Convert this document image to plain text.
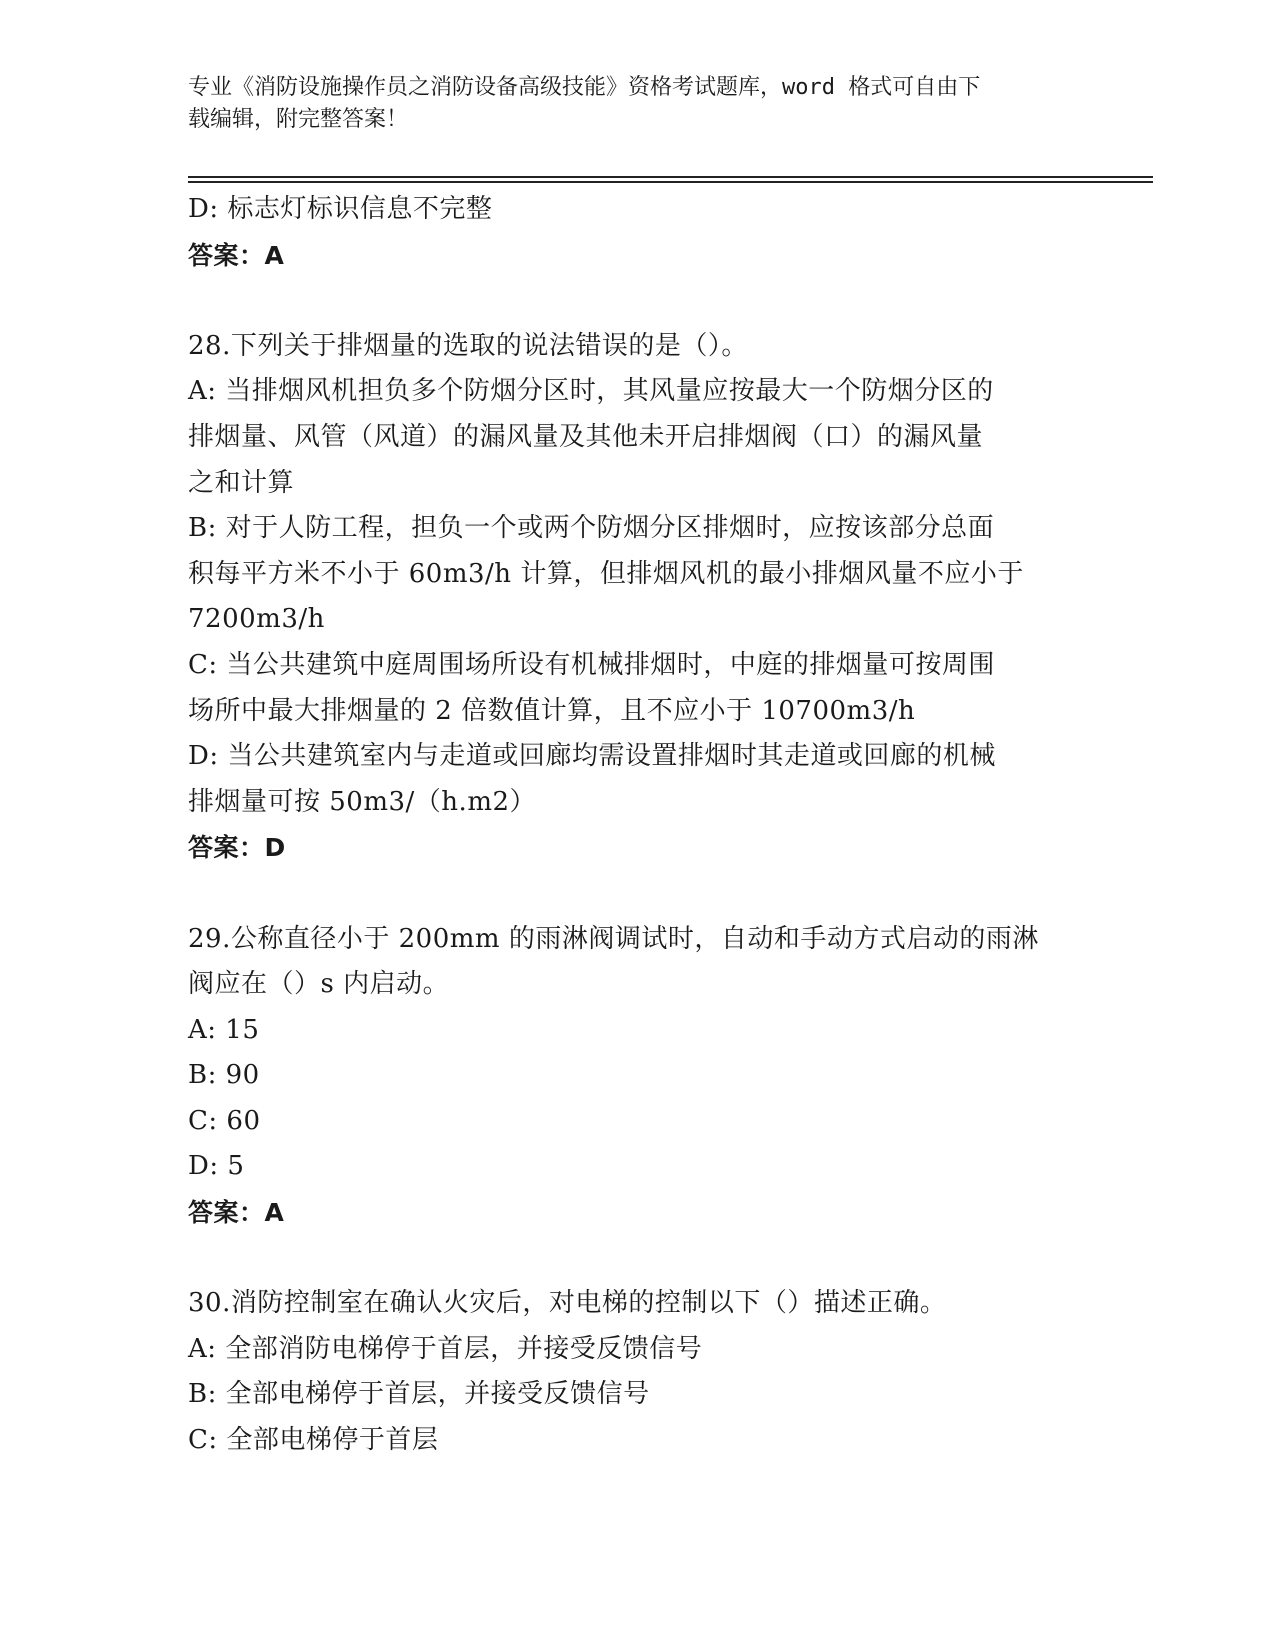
专业《消防设施操作员之消防设备高级技能》资格考试题库，word 格式可自由下
载编辑，附完整答案！
D: 标志灯标识信息不完整
答案：A
28.下列关于排烟量的选取的说法错误的是（）。
A: 当排烟风机担负多个防烟分区时，其风量应按最大一个防烟分区的
排烟量、风管（风道）的漏风量及其他未开启排烟阀（口）的漏风量
之和计算
B: 对于人防工程，担负一个或两个防烟分区排烟时，应按该部分总面
积每平方米不小于 60m3/h 计算，但排烟风机的最小排烟风量不应小于
7200m3/h
C: 当公共建筑中庭周围场所设有机械排烟时，中庭的排烟量可按周围
场所中最大排烟量的 2 倍数值计算，且不应小于 10700m3/h
D: 当公共建筑室内与走道或回廊均需设置排烟时其走道或回廊的机械
排烟量可按 50m3/（h.m2）
答案：D
29.公称直径小于 200mm 的雨淋阀调试时，自动和手动方式启动的雨淋
阀应在（）s 内启动。
A: 15
B: 90
C: 60
D: 5
答案：A
30.消防控制室在确认火灾后，对电梯的控制以下（）描述正确。
A: 全部消防电梯停于首层，并接受反馈信号
B: 全部电梯停于首层，并接受反馈信号
C: 全部电梯停于首层
